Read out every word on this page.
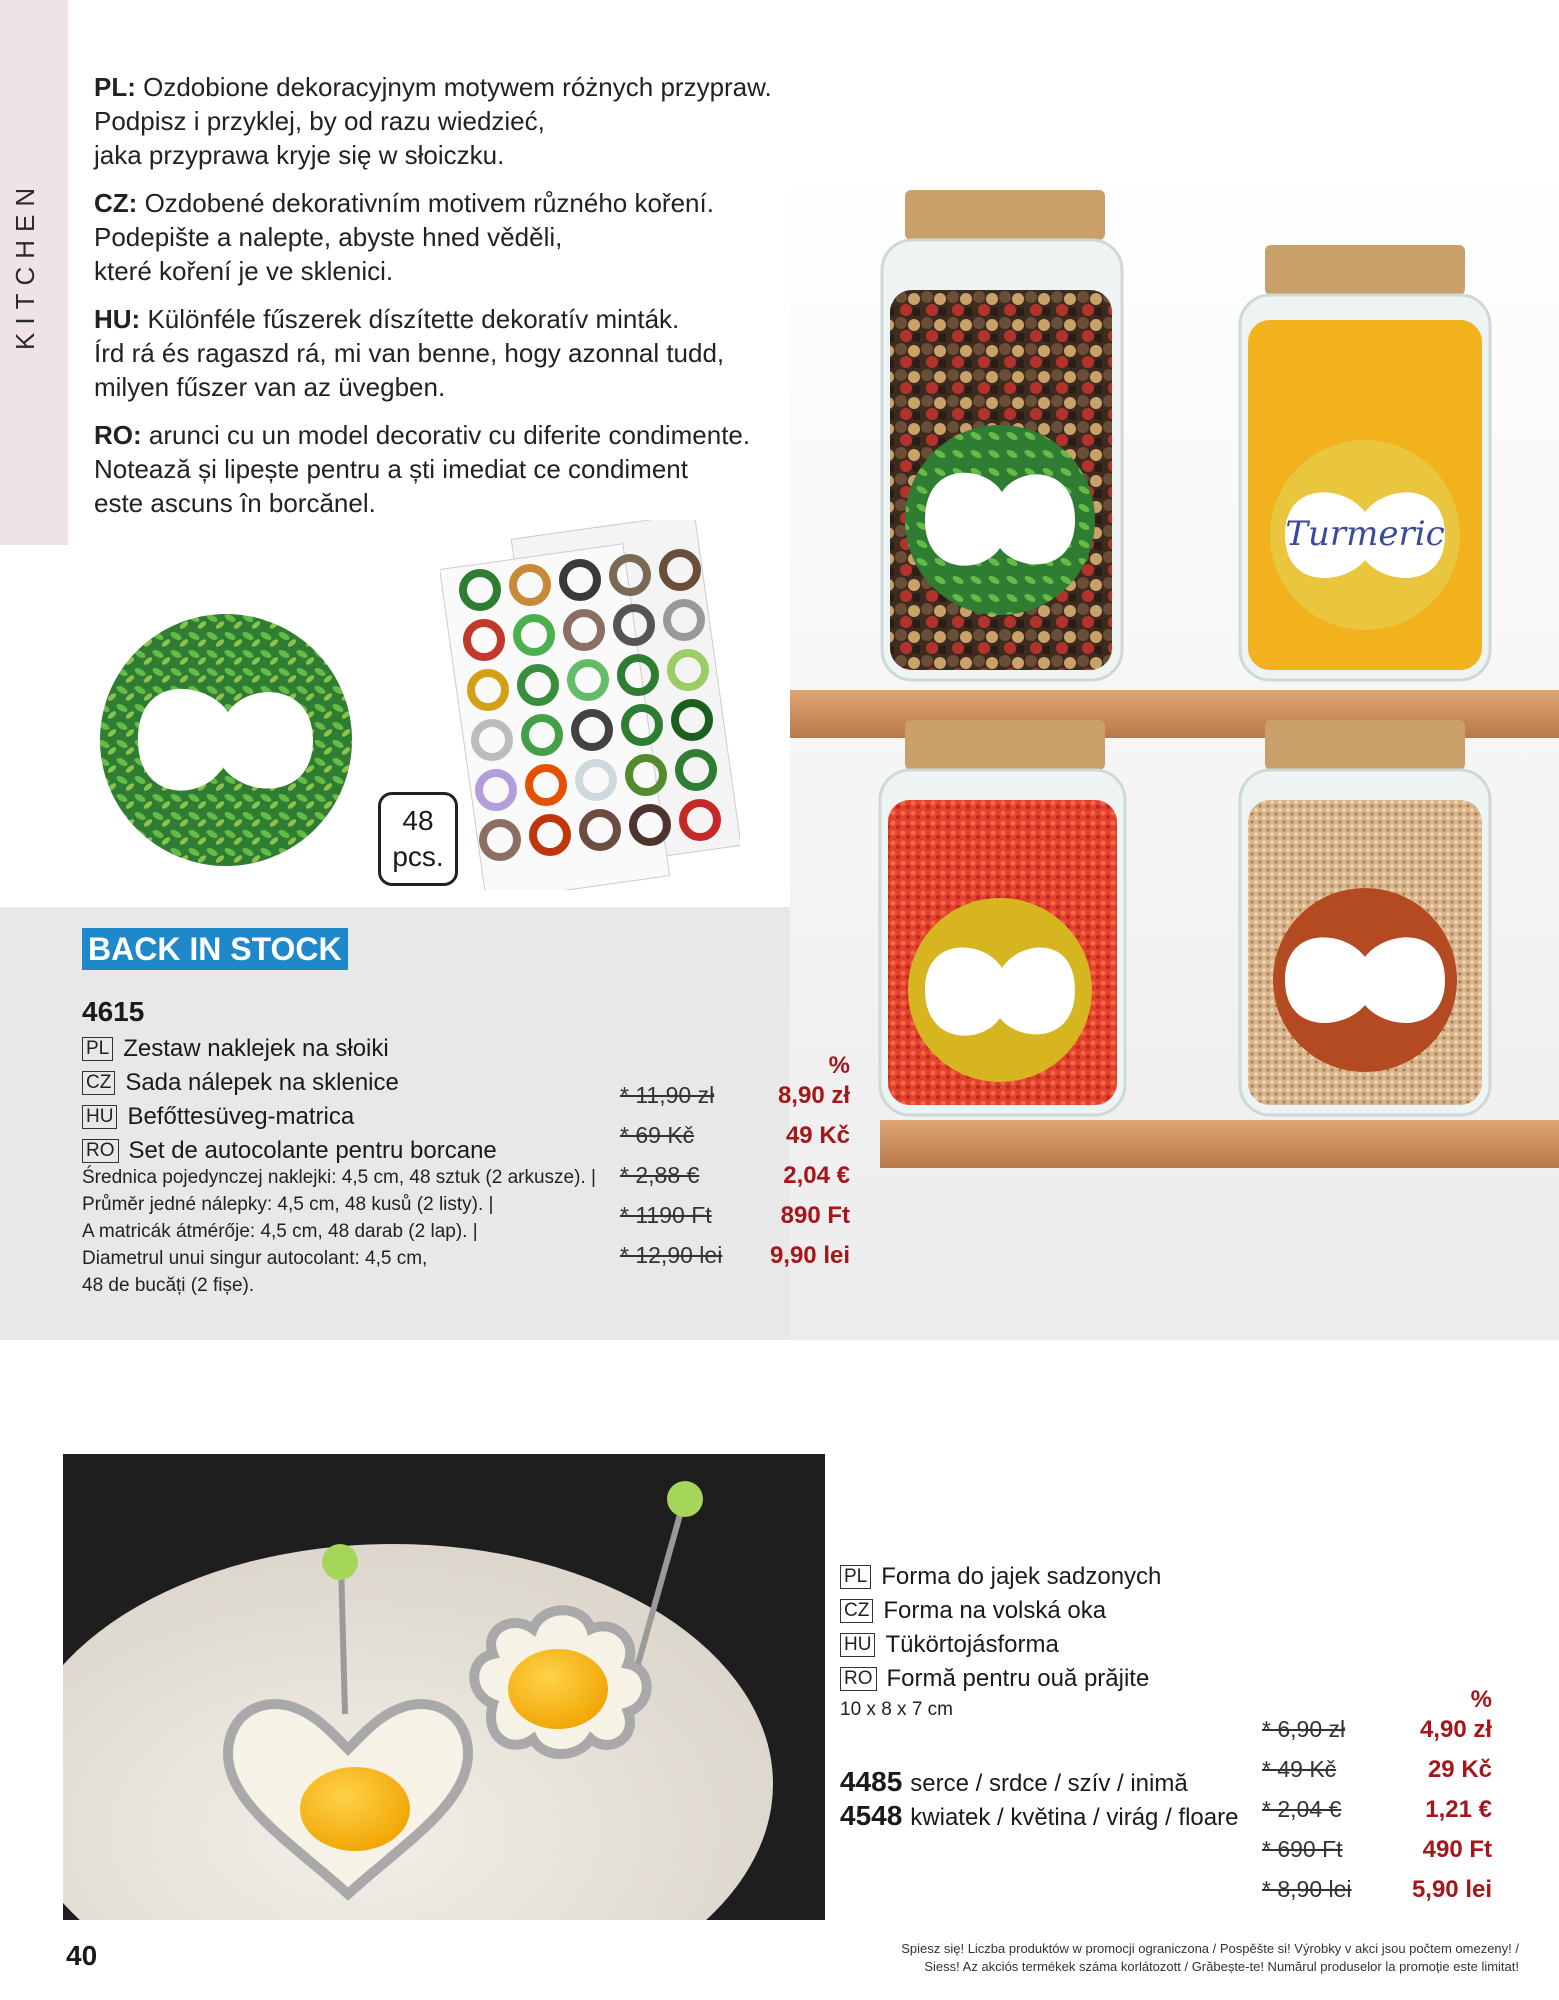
KITCHEN

PL: Ozdobione dekoracyjnym motywem różnych przypraw.
Podpisz i przyklej, by od razu wiedzieć,
jaka przyprawa kryje się w słoiczku.

CZ: Ozdobené dekorativním motivem různého koření.
Podepište a nalepte, abyste hned věděli,
které koření je ve sklenici.

HU: Különféle fűszerek díszítette dekoratív minták.
Írd rá és ragaszd rá, mi van benne, hogy azonnal tudd,
milyen fűszer van az üvegben.

RO: arunci cu un model decorativ cu diferite condimente.
Notează și lipește pentru a ști imediat ce condiment
este ascuns în borcănel.

48
pcs.
Turmeric
BACK IN STOCK
4615
PL Zestaw naklejek na słoiki
CZ Sada nálepek na sklenice
HU Befőttesüveg-matrica
RO Set de autocolante pentru borcane
Średnica pojedynczej naklejki: 4,5 cm, 48 sztuk (2 arkusze). |
Průměr jedné nálepky: 4,5 cm, 48 kusů (2 listy). |
A matricák átmérője: 4,5 cm, 48 darab (2 lap). |
Diametrul unui singur autocolant: 4,5 cm,
48 de bucăți (2 fișe).
%
* 11,90 zł	8,90 zł
* 69 Kč	49 Kč
* 2,88 €	2,04 €
* 1190 Ft	890 Ft
* 12,90 lei 9,90 lei
PL Forma do jajek sadzonych
CZ Forma na volská oka
HU Tükörtojásforma
RO Formă pentru ouă prăjite
10 x 8 x 7 cm
4485 serce / srdce / szív / inimă
4548 kwiatek / květina / virág / floare
%
* 6,90 zł	4,90 zł
* 49 Kč	29 Kč
* 2,04 €	1,21 €
* 690 Ft	490 Ft
* 8,90 lei	5,90 lei
40	Spiesz się! Liczba produktów w promocji ograniczona / Pospěšte si! Výrobky v akci jsou počtem omezeny! /
Siess! Az akciós termékek száma korlátozott / Grăbește-te! Numărul produselor la promoție este limitat!
